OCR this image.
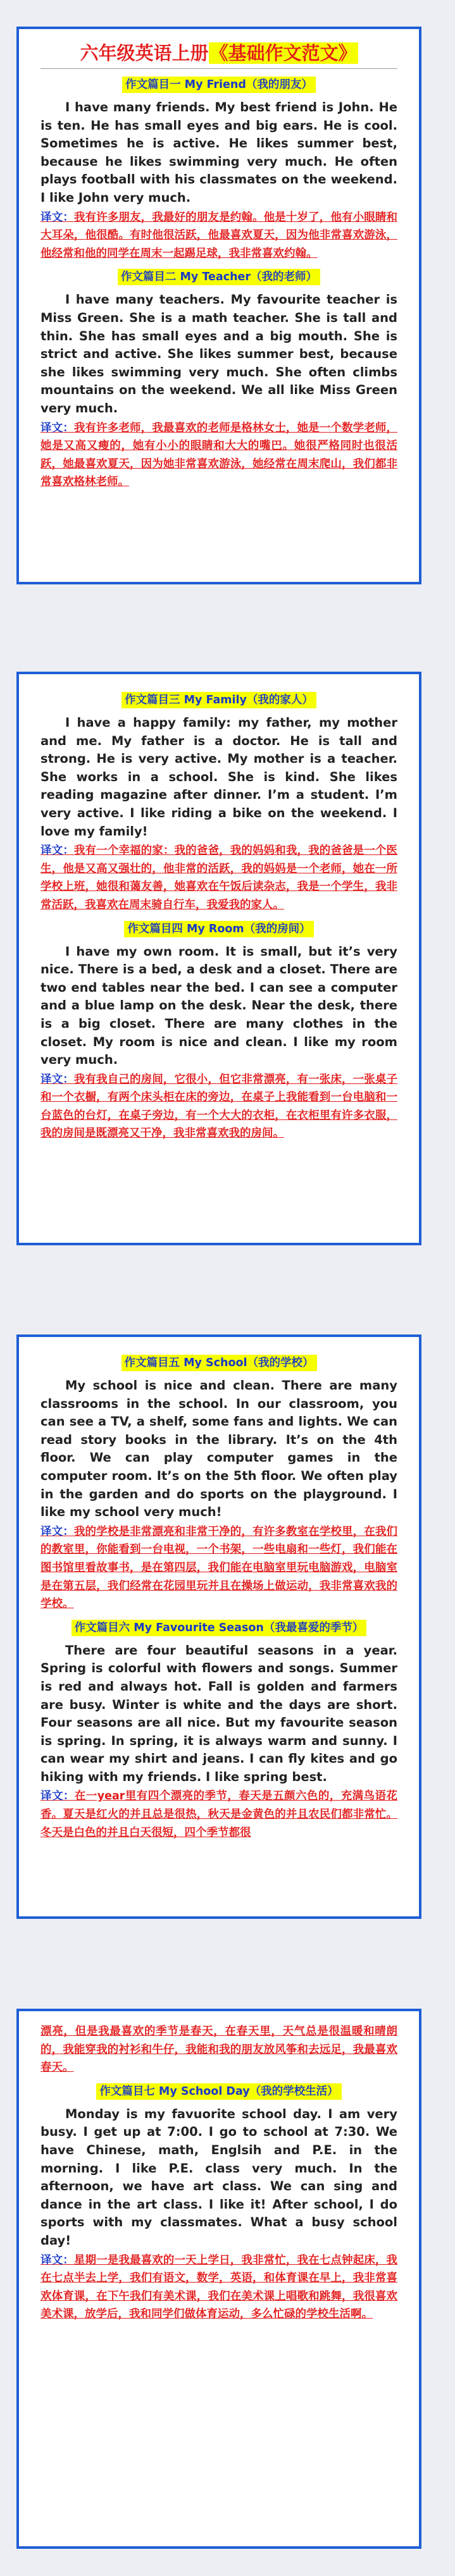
六年级英语上册《基础作文范文》
作文篇目一 My Friend（我的朋友）

I have many friends. My best friend is John. He is ten. He has small eyes and big ears. He is cool. Sometimes he is active. He likes summer best, because he likes swimming very much. He often plays football with his classmates on the weekend. I like John very much.

译文：我有许多朋友，我最好的朋友是约翰。他是十岁了，他有小眼睛和大耳朵，他很酷。有时他很活跃，他最喜欢夏天，因为他非常喜欢游泳，他经常和他的同学在周末一起踢足球，我非常喜欢约翰。

作文篇目二 My Teacher（我的老师）

I have many teachers. My favourite teacher is Miss Green. She is a math teacher. She is tall and thin. She has small eyes and a big mouth. She is strict and active. She likes summer best, because she likes swimming very much. She often climbs mountains on the weekend. We all like Miss Green very much.

译文：我有许多老师，我最喜欢的老师是格林女士，她是一个数学老师，她是又高又瘦的，她有小小的眼睛和大大的嘴巴。她很严格同时也很活跃，她最喜欢夏天，因为她非常喜欢游泳，她经常在周末爬山，我们都非常喜欢格林老师。

作文篇目三 My Family（我的家人）

I have a happy family: my father, my mother and me. My father is a doctor. He is tall and strong. He is very active. My mother is a teacher. She works in a school. She is kind. She likes reading magazine after dinner. I’m a student. I’m very active. I like riding a bike on the weekend. I love my family!

译文：我有一个幸福的家：我的爸爸，我的妈妈和我，我的爸爸是一个医生，他是又高又强壮的，他非常的活跃，我的妈妈是一个老师，她在一所学校上班，她很和蔼友善，她喜欢在午饭后读杂志，我是一个学生，我非常活跃，我喜欢在周末骑自行车，我爱我的家人。

作文篇目四 My Room（我的房间）

I have my own room. It is small, but it’s very nice. There is a bed, a desk and a closet. There are two end tables near the bed. I can see a computer and a blue lamp on the desk. Near the desk, there is a big closet. There are many clothes in the closet. My room is nice and clean. I like my room very much.

译文：我有我自己的房间，它很小，但它非常漂亮，有一张床，一张桌子和一个衣橱，有两个床头柜在床的旁边，在桌子上我能看到一台电脑和一台蓝色的台灯，在桌子旁边，有一个大大的衣柜，在衣柜里有许多衣服，我的房间是既漂亮又干净，我非常喜欢我的房间。

作文篇目五 My School（我的学校）

My school is nice and clean. There are many classrooms in the school. In our classroom, you can see a TV, a shelf, some fans and lights. We can read story books in the library. It’s on the 4th floor. We can play computer games in the computer room. It’s on the 5th floor. We often play in the garden and do sports on the playground. I like my school very much!

译文：我的学校是非常漂亮和非常干净的，有许多教室在学校里，在我们的教室里，你能看到一台电视，一个书架，一些电扇和一些灯，我们能在图书馆里看故事书，是在第四层，我们能在电脑室里玩电脑游戏，电脑室是在第五层，我们经常在花园里玩并且在操场上做运动，我非常喜欢我的学校。

作文篇目六 My Favourite Season（我最喜爱的季节）

There are four beautiful seasons in a year. Spring is colorful with flowers and songs. Summer is red and always hot. Fall is golden and farmers are busy. Winter is white and the days are short. Four seasons are all nice. But my favourite season is spring. In spring, it is always warm and sunny. I can wear my shirt and jeans. I can fly kites and go hiking with my friends. I like spring best.

译文：在一year里有四个漂亮的季节，春天是五颜六色的，充满鸟语花香。夏天是红火的并且总是很热，秋天是金黄色的并且农民们都非常忙。冬天是白色的并且白天很短，四个季节都很

漂亮，但是我最喜欢的季节是春天，在春天里，天气总是很温暖和晴朗的，我能穿我的衬衫和牛仔，我能和我的朋友放风筝和去远足，我最喜欢春天。

作文篇目七 My School Day（我的学校生活）

Monday is my favuorite school day. I am very busy. I get up at 7:00. I go to school at 7:30. We have Chinese, math, Englsih and P.E. in the morning. I like P.E. class very much. In the afternoon, we have art class. We can sing and dance in the art class. I like it! After school, I do sports with my classmates. What a busy school day!

译文：星期一是我最喜欢的一天上学日，我非常忙，我在七点钟起床，我在七点半去上学，我们有语文，数学，英语，和体育课在早上，我非常喜欢体育课，在下午我们有美术课，我们在美术课上唱歌和跳舞，我很喜欢美术课，放学后，我和同学们做体育运动，多么忙碌的学校生活啊。
